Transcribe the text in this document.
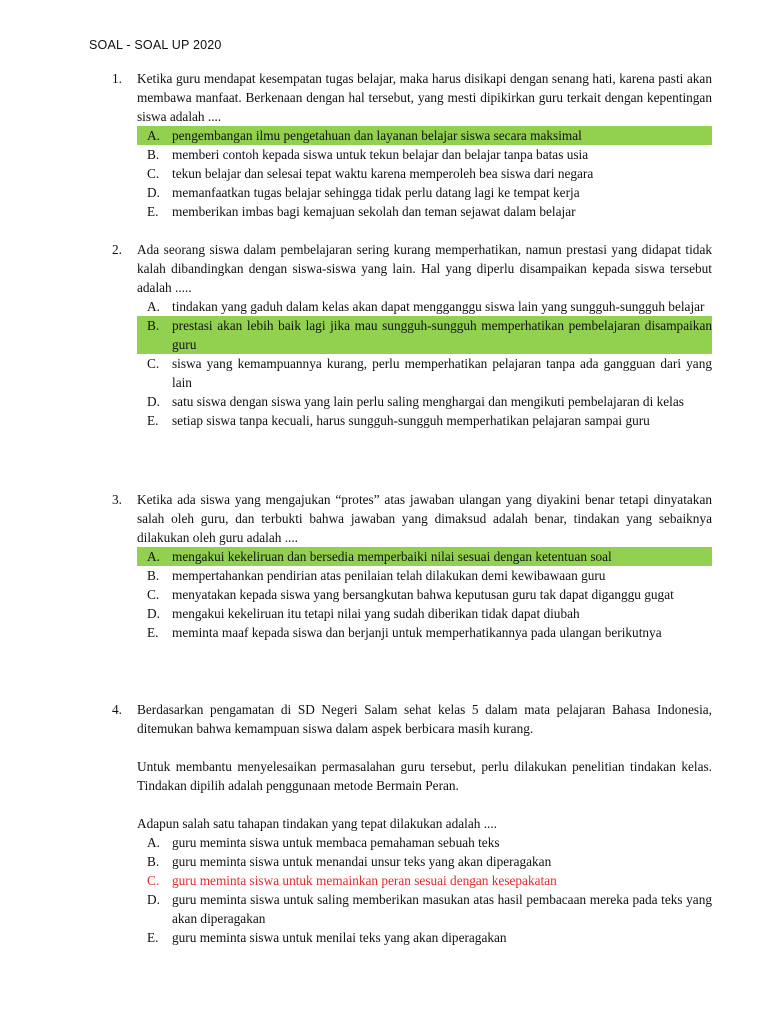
SOAL - SOAL UP 2020
1.	Ketika guru mendapat kesempatan tugas belajar, maka harus disikapi dengan senang hati, karena pasti akan membawa manfaat. Berkenaan dengan hal tersebut, yang mesti dipikirkan guru terkait dengan kepentingan siswa adalah ....
A. pengembangan ilmu pengetahuan dan layanan belajar siswa secara maksimal
B. memberi contoh kepada siswa untuk tekun belajar dan belajar tanpa batas usia
C. tekun belajar dan selesai tepat waktu karena memperoleh bea siswa dari negara
D. memanfaatkan tugas belajar sehingga tidak perlu datang lagi ke tempat kerja
E. memberikan imbas bagi kemajuan sekolah dan teman sejawat dalam belajar
2.	Ada seorang siswa dalam pembelajaran sering kurang memperhatikan, namun prestasi yang didapat tidak kalah dibandingkan dengan siswa-siswa yang lain. Hal yang diperlu disampaikan kepada siswa tersebut adalah .....
A. tindakan yang gaduh dalam kelas akan dapat mengganggu siswa lain yang sungguh-sungguh belajar
B. prestasi akan lebih baik lagi jika mau sungguh-sungguh memperhatikan pembelajaran disampaikan guru
C. siswa yang kemampuannya kurang, perlu memperhatikan pelajaran tanpa ada gangguan dari yang lain
D. satu siswa dengan siswa yang lain perlu saling menghargai dan mengikuti pembelajaran di kelas
E. setiap siswa tanpa kecuali, harus sungguh-sungguh memperhatikan pelajaran sampai guru
3.	Ketika ada siswa yang mengajukan “protes” atas jawaban ulangan yang diyakini benar tetapi dinyatakan salah oleh guru, dan terbukti bahwa jawaban yang dimaksud adalah benar, tindakan yang sebaiknya dilakukan oleh guru adalah ....
A. mengakui kekeliruan dan bersedia memperbaiki nilai sesuai dengan ketentuan soal
B. mempertahankan pendirian atas penilaian telah dilakukan demi kewibawaan guru
C. menyatakan kepada siswa yang bersangkutan bahwa keputusan guru tak dapat diganggu gugat
D. mengakui kekeliruan itu tetapi nilai yang sudah diberikan tidak dapat diubah
E. meminta maaf kepada siswa dan berjanji untuk memperhatikannya pada ulangan berikutnya
4.	Berdasarkan pengamatan di SD Negeri Salam sehat kelas 5 dalam mata pelajaran Bahasa Indonesia, ditemukan bahwa kemampuan siswa dalam aspek berbicara masih kurang.
Untuk membantu menyelesaikan permasalahan guru tersebut, perlu dilakukan penelitian tindakan kelas. Tindakan dipilih adalah penggunaan metode Bermain Peran.
Adapun salah satu tahapan tindakan yang tepat dilakukan adalah ....
A. guru meminta siswa untuk membaca pemahaman sebuah teks
B. guru meminta siswa untuk menandai unsur teks yang akan diperagakan
C. guru meminta siswa untuk memainkan peran sesuai dengan kesepakatan
D. guru meminta siswa untuk saling memberikan masukan atas hasil pembacaan mereka pada teks yang akan diperagakan
E. guru meminta siswa untuk menilai teks yang akan diperagakan
